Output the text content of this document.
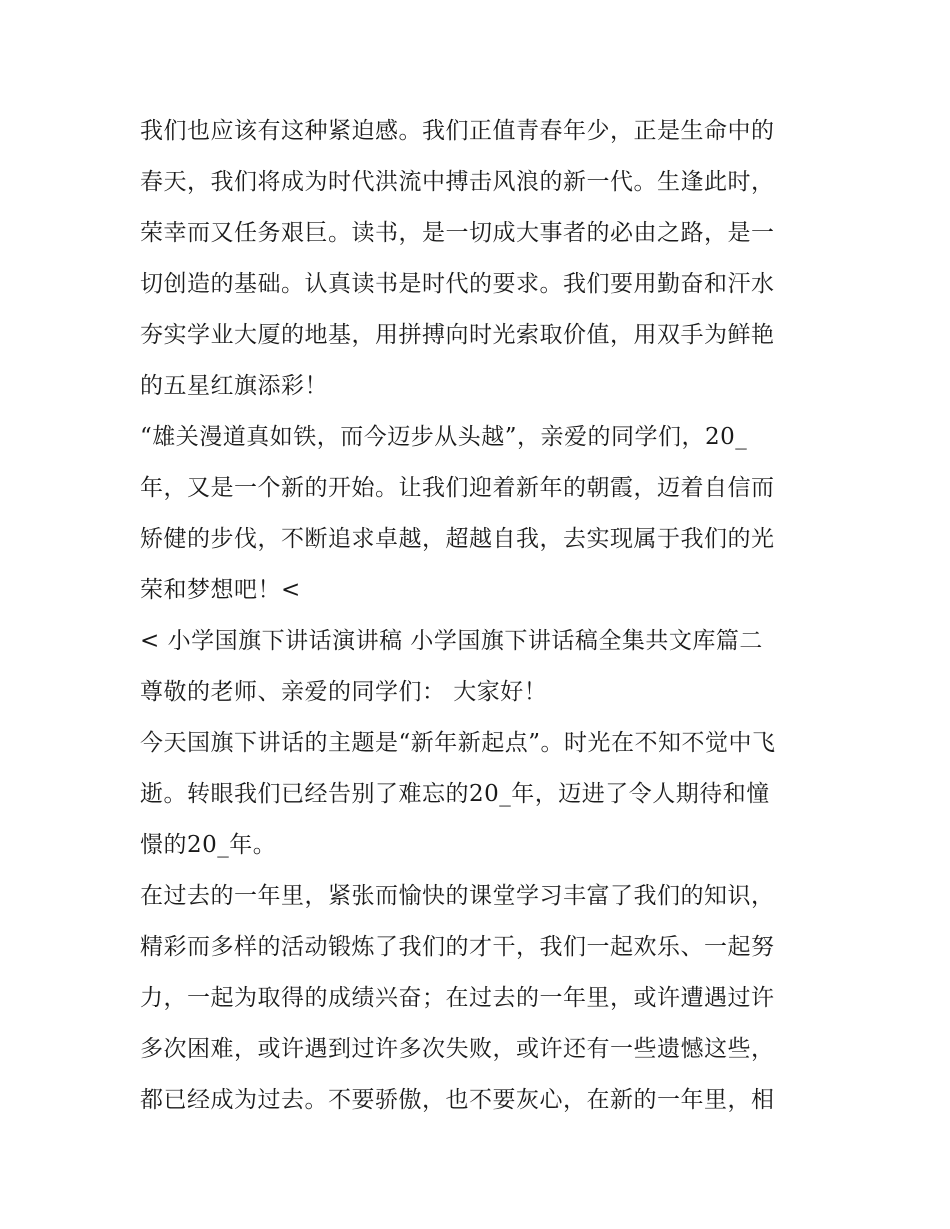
我们也应该有这种紧迫感。我们正值青春年少，正是生命中的
春天，我们将成为时代洪流中搏击风浪的新一代。生逢此时，
荣幸而又任务艰巨。读书，是一切成大事者的必由之路，是一
切创造的基础。认真读书是时代的要求。我们要用勤奋和汗水
夯实学业大厦的地基，用拼搏向时光索取价值，用双手为鲜艳
的五星红旗添彩！
“雄关漫道真如铁，而今迈步从头越”，亲爱的同学们，20_
年，又是一个新的开始。让我们迎着新年的朝霞，迈着自信而
矫健的步伐，不断追求卓越，超越自我，去实现属于我们的光
荣和梦想吧！<
< 小学国旗下讲话演讲稿 小学国旗下讲话稿全集共文库篇二
尊敬的老师、亲爱的同学们： 大家好！
今天国旗下讲话的主题是“新年新起点”。时光在不知不觉中飞
逝。转眼我们已经告别了难忘的20_年，迈进了令人期待和憧
憬的20_年。
在过去的一年里，紧张而愉快的课堂学习丰富了我们的知识，
精彩而多样的活动锻炼了我们的才干，我们一起欢乐、一起努
力，一起为取得的成绩兴奋；在过去的一年里，或许遭遇过许
多次困难，或许遇到过许多次失败，或许还有一些遗憾这些，
都已经成为过去。不要骄傲，也不要灰心，在新的一年里，相
